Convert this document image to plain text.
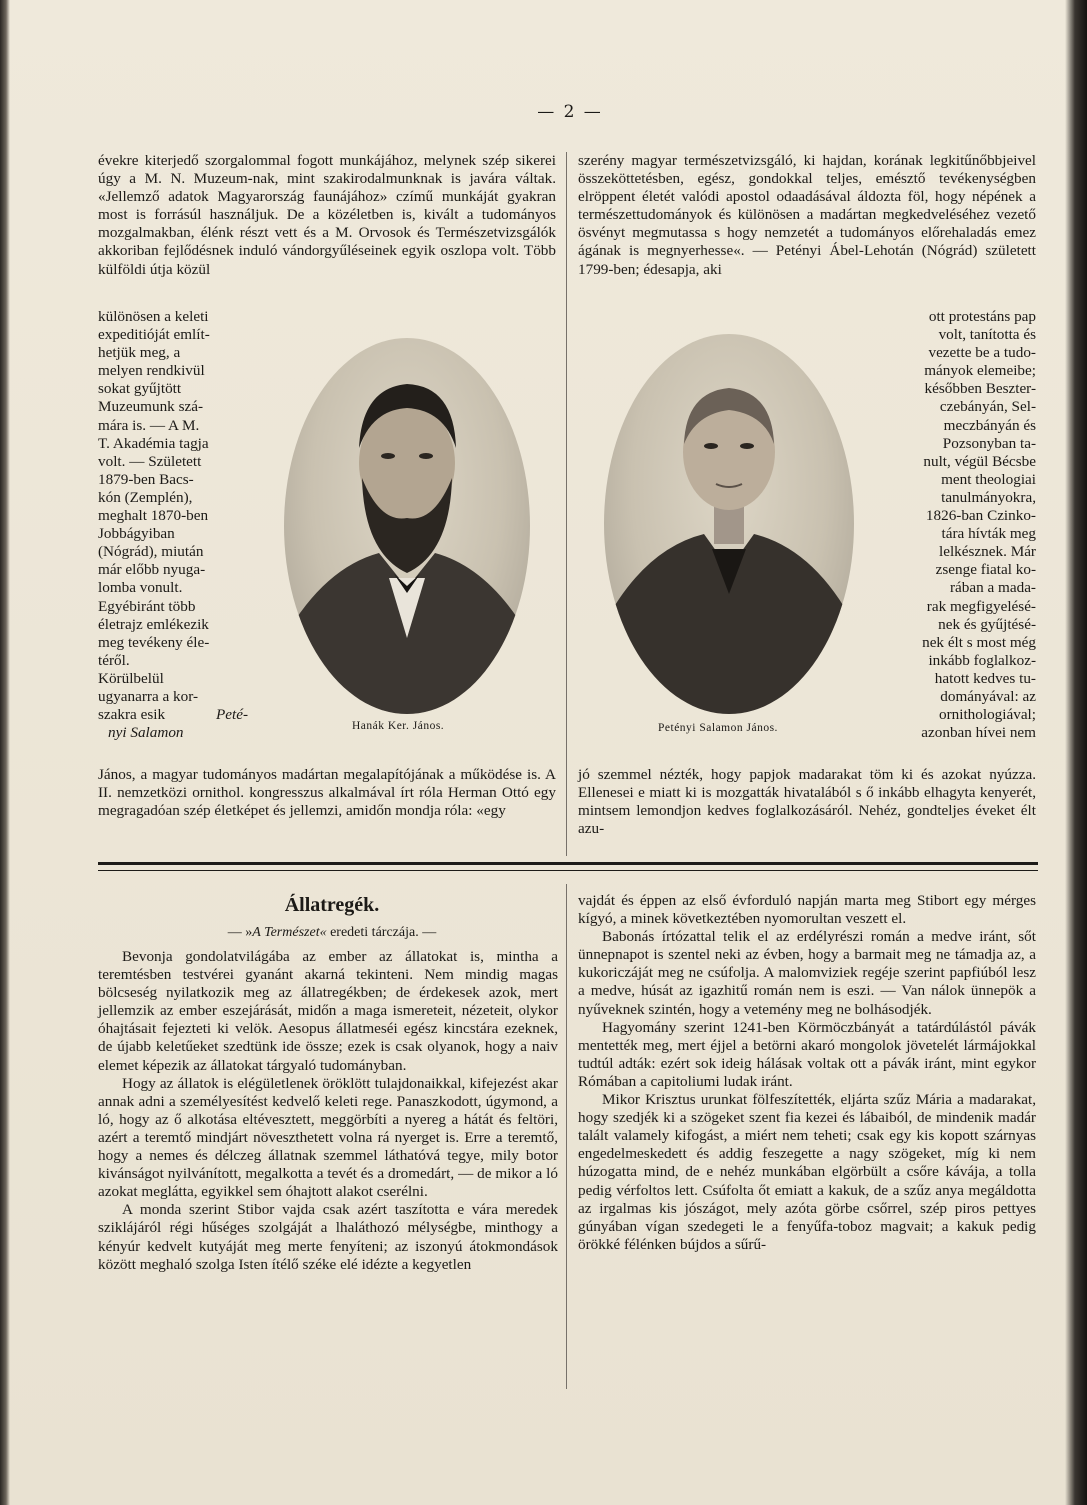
— 2 —

évekre kiterjedő szorgalommal fogott munkájához, melynek szép sikerei úgy a M. N. Muzeum-nak, mint szakirodalmunknak is javára váltak. «Jellemző adatok Magyarország faunájához» czímű munkáját gyakran most is forrásúl használjuk. De a közéletben is, kivált a tudományos mozgalmakban, élénk részt vett és a M. Orvosok és Természetvizsgálók akkoriban fejlődésnek induló vándorgyűléseinek egyik oszlopa volt. Több külföldi útja közül

különösen a keleti
expeditióját említ-
hetjük meg, a
melyen rendkivül
sokat gyűjtött
Muzeumunk szá-
mára is. — A M.
T. Akadémia tagja
volt. — Született
1879-ben Bacs-
kón (Zemplén),
meghalt 1870-ben
Jobbágyiban
(Nógrád), miután
már előbb nyuga-
lomba vonult.
Egyébiránt több
életrajz emlékezik
meg tevékeny éle-
téről.
Körülbelül
ugyanarra a kor-
szakra esik	Peté-
nyi Salamon

János, a magyar tudományos madártan megalapítójának a működése is. A II. nemzetközi ornithol. kongresszus alkalmával írt róla Herman Ottó egy megragadóan szép életképet és jellemzi, amidőn mondja róla: «egy

Hanák Ker. János.

szerény magyar természetvizsgáló, ki hajdan, korának legkitűnőbbjeivel összeköttetésben, egész, gondokkal teljes, emésztő tevékenységben elröppent életét valódi apostol odaadásával áldozta föl, hogy népének a természettudományok és különösen a madártan megkedveléséhez vezető ösvényt megmutassa s hogy nemzetét a tudományos előrehaladás emez ágának is megnyerhesse«. — Petényi Ábel-Lehotán (Nógrád) született 1799-ben; édesapja, aki

Petényi Salamon János.
ott protestáns pap
volt, tanította és
vezette be a tudo-
mányok elemeibe;
későbben Beszter-
czebányán, Sel-
meczbányán és
Pozsonyban ta-
nult, végül Bécsbe
ment theologiai
tanulmányokra,
1826-ban Czinko-
tára hívták meg
lelkésznek. Már
zsenge fiatal ko-
rában a mada-
rak megfigyelésé-
nek és gyűjtésé-
nek élt s most még
inkább foglalkoz-
hatott kedves tu-
dományával: az
ornithologiával;
azonban hívei nem

jó szemmel nézték, hogy papjok madarakat töm ki és azokat nyúzza. Ellenesei e miatt ki is mozgatták hivatalából s ő inkább elhagyta kenyerét, mintsem lemondjon kedves foglalkozásáról. Nehéz, gondteljes éveket élt azu-

Állatregék.
— »A Természet« eredeti tárczája. —

Bevonja gondolatvilágába az ember az állatokat is, mintha a teremtésben testvérei gyanánt akarná tekinteni. Nem mindig magas bölcseség nyilatkozik meg az állatregékben; de érdekesek azok, mert jellemzik az ember eszejárását, midőn a maga ismereteit, nézeteit, olykor óhajtásait fejezteti ki velök. Aesopus állatmeséi egész kincstára ezeknek, de újabb keletűeket szedtünk ide össze; ezek is csak olyanok, hogy a naiv elemet képezik az állatokat tárgyaló tudományban.

Hogy az állatok is elégületlenek öröklött tulajdonaikkal, kifejezést akar annak adni a személyesítést kedvelő keleti rege. Panaszkodott, úgymond, a ló, hogy az ő alkotása eltévesztett, meggörbíti a nyereg a hátát és feltöri, azért a teremtő mindjárt növeszthetett volna rá nyerget is. Erre a teremtő, hogy a nemes és délczeg állatnak szemmel láthatóvá tegye, mily botor kivánságot nyilvánított, megalkotta a tevét és a dromedárt, — de mikor a ló azokat meglátta, egyikkel sem óhajtott alakot cserélni.

A monda szerint Stibor vajda csak azért taszította e vára meredek sziklájáról régi hűséges szolgáját a lhaláthozó mélységbe, minthogy a kényúr kedvelt kutyáját meg merte fenyíteni; az iszonyú átokmondások között meghaló szolga Isten ítélő széke elé idézte a kegyetlen

vajdát és éppen az első évforduló napján marta meg Stibort egy mérges kígyó, a minek következtében nyomorultan veszett el.

Babonás írtózattal telik el az erdélyrészi román a medve iránt, sőt ünnepnapot is szentel neki az évben, hogy a barmait meg ne támadja az, a kukoriczáját meg ne csúfolja. A malomviziek regéje szerint papfiúból lesz a medve, húsát az igazhitű román nem is eszi. — Van nálok ünnepök a nyűveknek szintén, hogy a vetemény meg ne bolhásodjék.

Hagyomány szerint 1241-ben Körmöczbányát a tatárdúlástól pávák mentették meg, mert éjjel a betörni akaró mongolok jövetelét lármájokkal tudtúl adták: ezért sok ideig hálásak voltak ott a pávák iránt, mint egykor Rómában a capitoliumi ludak iránt.

Mikor Krisztus urunkat fölfeszítették, eljárta szűz Mária a madarakat, hogy szedjék ki a szögeket szent fia kezei és lábaiból, de mindenik madár talált valamely kifogást, a miért nem teheti; csak egy kis kopott szárnyas engedelmeskedett és addig feszegette a nagy szögeket, míg ki nem húzogatta mind, de e nehéz munkában elgörbült a csőre kávája, a tolla pedig vérfoltos lett. Csúfolta őt emiatt a kakuk, de a szűz anya megáldotta az irgalmas kis jószágot, mely azóta görbe csőrrel, szép piros pettyes gúnyában vígan szedegeti le a fenyűfa-toboz magvait; a kakuk pedig örökké félénken bújdos a sűrű-
